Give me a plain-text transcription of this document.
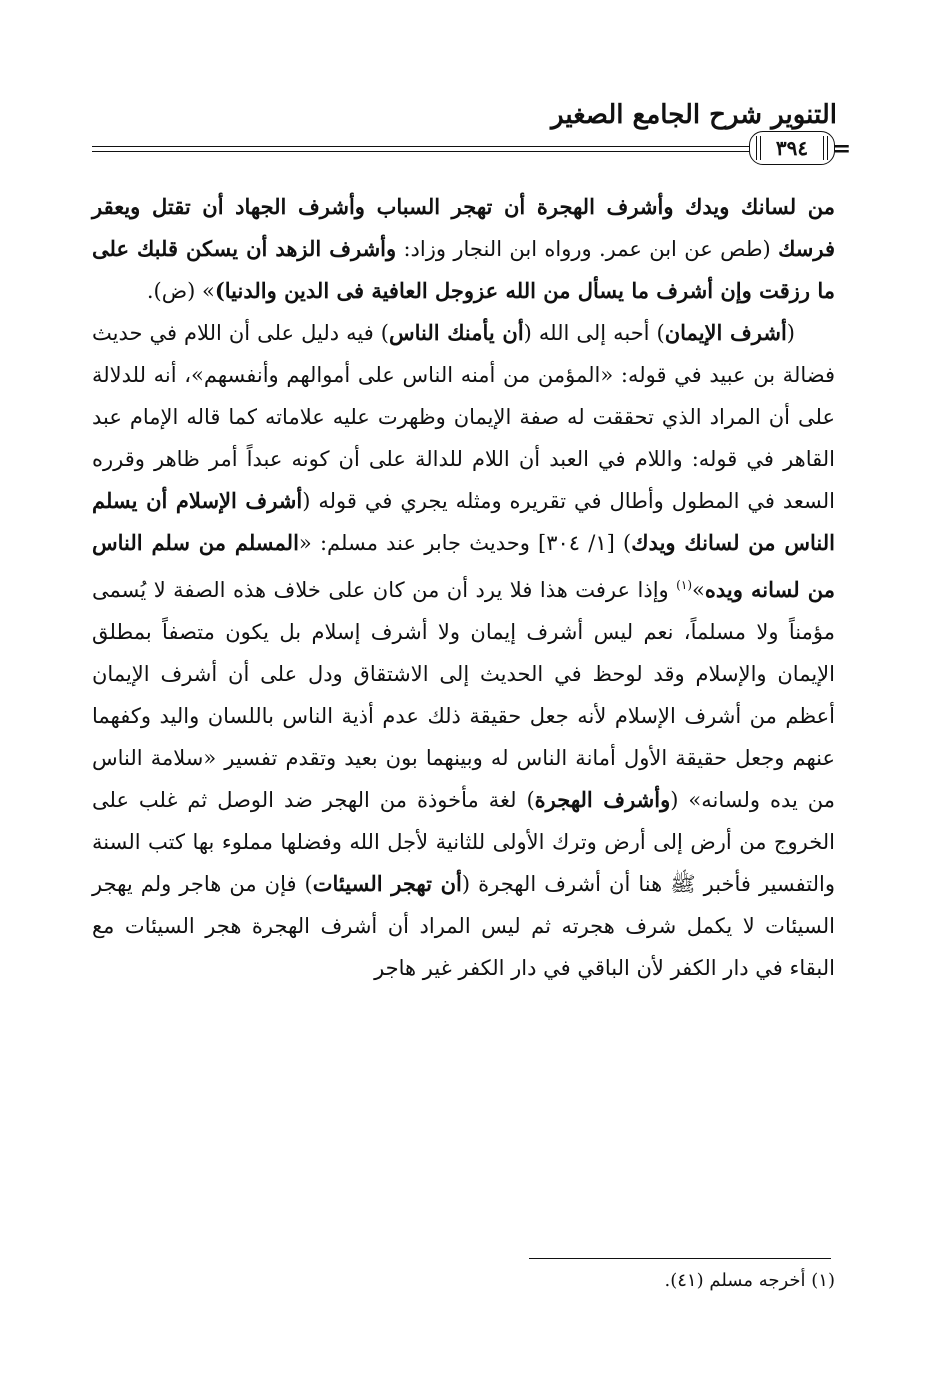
التنوير شرح الجامع الصغير
٣٩٤	=

من لسانك ويدك وأشرف الهجرة أن تهجر السباب وأشرف الجهاد أن تقتل ويعقر فرسك (طص عن ابن عمر. ورواه ابن النجار وزاد: وأشرف الزهد أن يسكن قلبك على ما رزقت وإن أشرف ما يسأل من الله عزوجل العافية فى الدين والدنيا)» (ض).

(أشرف الإيمان) أحبه إلى الله (أن يأمنك الناس) فيه دليل على أن اللام في حديث فضالة بن عبيد في قوله: «المؤمن من أمنه الناس على أموالهم وأنفسهم»، أنه للدلالة على أن المراد الذي تحققت له صفة الإيمان وظهرت عليه علاماته كما قاله الإمام عبد القاهر في قوله: واللام في العبد أن اللام للدالة على أن كونه عبداً أمر ظاهر وقرره السعد في المطول وأطال في تقريره ومثله يجري في قوله (أشرف الإسلام أن يسلم الناس من لسانك ويدك) [١/ ٣٠٤] وحديث جابر عند مسلم: «المسلم من سلم الناس من لسانه ويده»$^{(١)}$ وإذا عرفت هذا فلا يرد أن من كان على خلاف هذه الصفة لا يُسمى مؤمناً ولا مسلماً، نعم ليس أشرف إيمان ولا أشرف إسلام بل يكون متصفاً بمطلق الإيمان والإسلام وقد لوحظ في الحديث إلى الاشتقاق ودل على أن أشرف الإيمان أعظم من أشرف الإسلام لأنه جعل حقيقة ذلك عدم أذية الناس باللسان واليد وكفهما عنهم وجعل حقيقة الأول أمانة الناس له وبينهما بون بعيد وتقدم تفسير «سلامة الناس من يده ولسانه» (وأشرف الهجرة) لغة مأخوذة من الهجر ضد الوصل ثم غلب على الخروج من أرض إلى أرض وترك الأولى للثانية لأجل الله وفضلها مملوء بها كتب السنة والتفسير فأخبر ﷺ هنا أن أشرف الهجرة (أن تهجر السيئات) فإن من هاجر ولم يهجر السيئات لا يكمل شرف هجرته ثم ليس المراد أن أشرف الهجرة هجر السيئات مع البقاء في دار الكفر لأن الباقي في دار الكفر غير هاجر

(١) أخرجه مسلم (٤١).
